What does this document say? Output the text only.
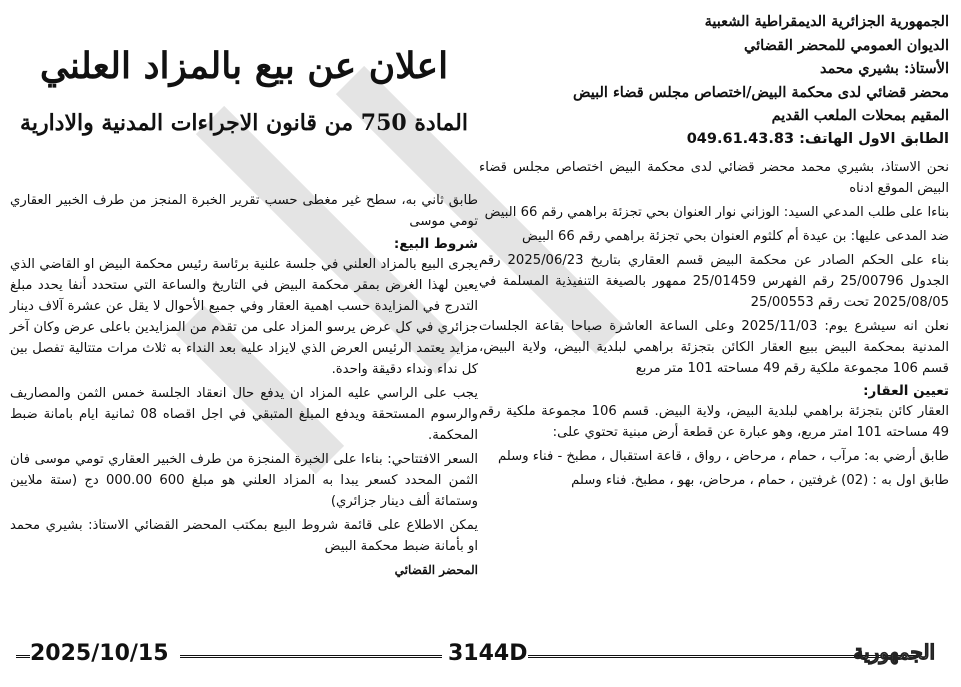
الجمهورية الجزائرية الديمقراطية الشعبية
الديوان العمومي للمحضر القضائي
الأستاذ: بشيري محمد
محضر قضائي لدى محكمة البيض/اختصاص مجلس قضاء البيض
المقيم بمحلات الملعب القديم
الطابق الاول الهاتف: 049.61.43.83

نحن الاستاذ، بشيري محمد محضر قضائي لدى محكمة البيض اختصاص مجلس قضاء البيض الموقع ادناه

بناءا على طلب المدعي السيد: الوزاني نوار العنوان بحي تجزئة براهمي رقم 66 البيض

ضد المدعى عليها: بن عيدة أم كلثوم العنوان بحي تجزئة براهمي رقم 66 البيض

بناء على الحكم الصادر عن محكمة البيض قسم العقاري بتاريخ 2025/06/23 رقم الجدول 25/00796 رقم الفهرس 25/01459 ممهور بالصيغة التنفيذية المسلمة في 2025/08/05 تحت رقم 25/00553

نعلن انه سيشرع يوم: 2025/11/03 وعلى الساعة العاشرة صباحا بقاعة الجلسات المدنية بمحكمة البيض ببيع العقار الكائن بتجزئة براهمي لبلدية البيض، ولاية البيض، قسم 106 مجموعة ملكية رقم 49 مساحته 101 متر مربع

تعيين العقار:

العقار كائن بتجزئة براهمي لبلدية البيض، ولاية البيض. قسم 106 مجموعة ملكية رقم 49 مساحته 101 امتر مربع، وهو عبارة عن قطعة أرض مبنية تحتوي على:

طابق أرضي به: مرآب ، حمام ، مرحاض ، رواق ، قاعة استقبال ، مطبخ - فناء وسلم

طابق اول به : (02) غرفتين ، حمام ، مرحاض، بهو ، مطبخ. فناء وسلم

اعلان عن بيع بالمزاد العلني
المادة 750 من قانون الاجراءات المدنية والادارية

طابق ثاني به، سطح غير مغطى حسب تقرير الخبرة المنجز من طرف الخبير العقاري تومي موسى

شروط البيع:

يجرى البيع بالمزاد العلني في جلسة علنية برئاسة رئيس محكمة البيض او القاضي الذي يعين لهذا الغرض بمقر محكمة البيض في التاريخ والساعة التي ستحدد أنفا يحدد مبلغ التدرج في المزايدة حسب اهمية العقار وفي جميع الأحوال لا يقل عن عشرة آلاف دينار جزائري في كل عرض يرسو المزاد على من تقدم من المزايدين باعلى عرض وكان آخر مزايد يعتمد الرئيس العرض الذي لايزاد عليه بعد النداء به ثلاث مرات متتالية تفصل بين كل نداء ونداء دقيقة واحدة.

يجب على الراسي عليه المزاد ان يدفع حال انعقاد الجلسة خمس الثمن والمصاريف والرسوم المستحقة ويدفع المبلغ المتبقي في اجل اقصاه 08 ثمانية ايام بامانة ضبط المحكمة.

السعر الافتتاحي: بناءا على الخبرة المنجزة من طرف الخبير العقاري تومي موسى فان الثمن المحدد كسعر يبدا به المزاد العلني هو مبلغ 600 000.00 دج (ستة ملايين وستمائة ألف دينار جزائري)

يمكن الاطلاع على قائمة شروط البيع بمكتب المحضر القضائي الاستاذ: بشيري محمد او بأمانة ضبط محكمة البيض

المحضر القضائي
2025/10/15	3144D	الجمهورية
